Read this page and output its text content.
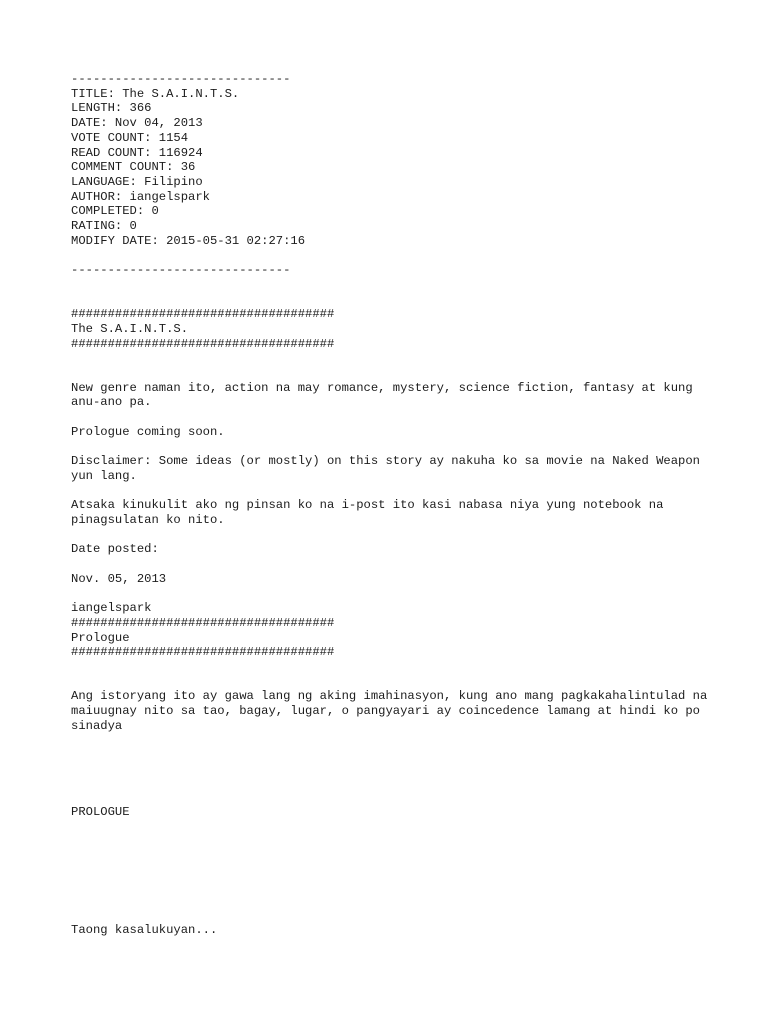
------------------------------
TITLE: The S.A.I.N.T.S.
LENGTH: 366
DATE: Nov 04, 2013
VOTE COUNT: 1154
READ COUNT: 116924
COMMENT COUNT: 36
LANGUAGE: Filipino
AUTHOR: iangelspark
COMPLETED: 0
RATING: 0
MODIFY DATE: 2015-05-31 02:27:16
------------------------------
####################################
The S.A.I.N.T.S.
####################################
New genre naman ito, action na may romance, mystery, science fiction, fantasy at kung anu-ano pa.
Prologue coming soon.
Disclaimer: Some ideas (or mostly) on this story ay nakuha ko sa movie na Naked Weapon yun lang.
Atsaka kinukulit ako ng pinsan ko na i-post ito kasi nabasa niya yung notebook na pinagsulatan ko nito.
Date posted:
Nov. 05, 2013
iangelspark
####################################
Prologue
####################################
Ang istoryang ito ay gawa lang ng aking imahinasyon, kung ano mang pagkakahalintulad na maiuugnay nito sa tao, bagay, lugar, o pangyayari ay coincedence lamang at hindi ko po sinadya
PROLOGUE
Taong kasalukuyan...
